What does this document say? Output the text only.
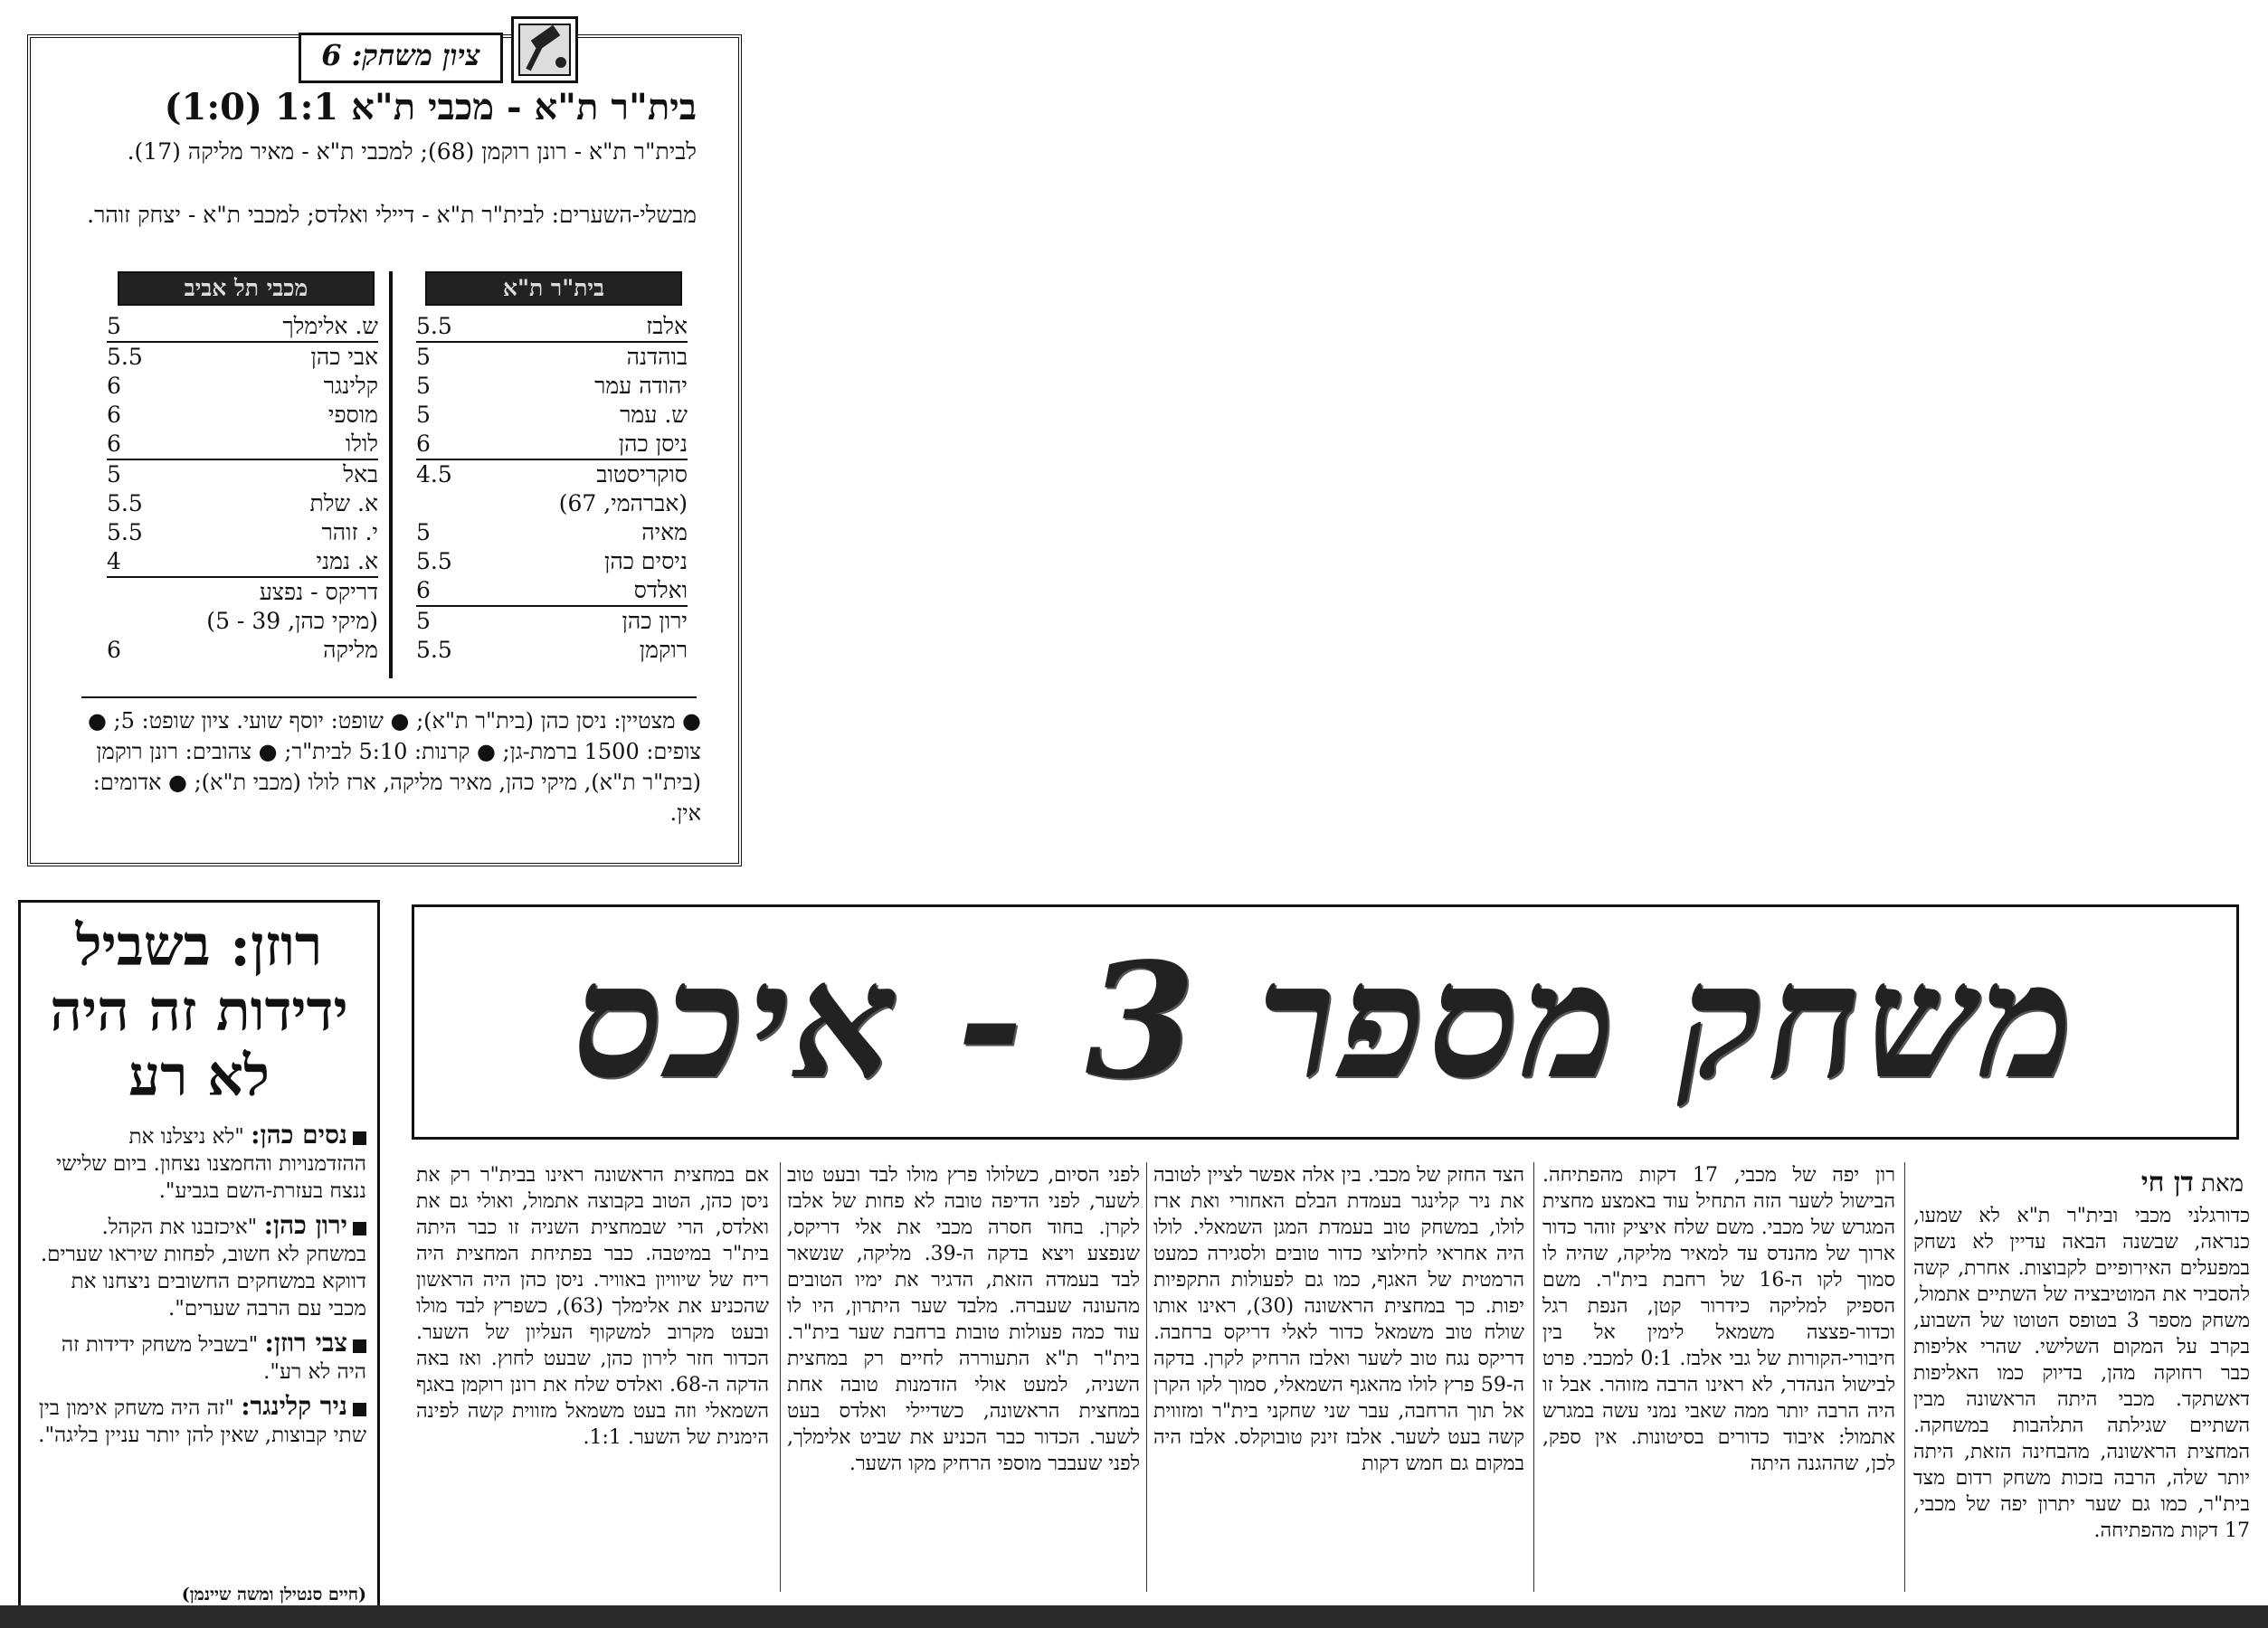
ציון משחק: 6
בית"ר ת"א - מכבי ת"א 1:1 (1:0)
לבית"ר ת"א - רונן רוקמן (68); למכבי ת"א - מאיר מליקה (17).
מבשלי-השערים: לבית"ר ת"א - דיילי ואלדס; למכבי ת"א - יצחק זוהר.
בית"ר ת"א
מכבי תל אביב
אלבז
5.5
בוהדנה
5
יהודה עמר
5
ש. עמר
5
ניסן כהן
6
סוקריסטוב
4.5
(אברהמי, 67)
מאיה
5
ניסים כהן
5.5
ואלדס
6
ירון כהן
5
רוקמן
5.5
ש. אלימלך
5
אבי כהן
5.5
קלינגר
6
מוספי
6
לולו
6
באל
5
א. שלת
5.5
י. זוהר
5.5
א. נמני
4
דריקס - נפצע
(מיקי כהן, 39 - 5)
מליקה
6
● מצטיין: ניסן כהן (בית"ר ת"א); ● שופט: יוסף שועי. ציון שופט: 5; ● צופים: 1500 ברמת-גן; ● קרנות: 5:10 לבית"ר; ● צהובים: רונן רוקמן (בית"ר ת"א), מיקי כהן, מאיר מליקה, ארז לולו (מכבי ת"א); ● אדומים: אין.
רוזן: בשביל ידידות זה היה לא רע

נסים כהן: "לא ניצלנו את ההזדמנויות והחמצנו נצחון. ביום שלישי ננצח בעזרת-השם בגביע".

ירון כהן: "איכזבנו את הקהל. במשחק לא חשוב, לפחות שיראו שערים. דווקא במשחקים החשובים ניצחנו את מכבי עם הרבה שערים".

צבי רוזן: "בשביל משחק ידידות זה היה לא רע".

ניר קלינגר: "זה היה משחק אימון בין שתי קבוצות, שאין להן יותר עניין בליגה".

(חיים סנטילן ומשה שיינמן)
משחק מספר 3 - איכס
מאת דן חי
כדורגלני מכבי ובית"ר ת"א לא שמעו, כנראה, שבשנה הבאה עדיין לא נשחק במפעלים האירופיים לקבוצות. אחרת, קשה להסביר את המוטיבציה של השתיים אתמול, משחק מספר 3 בטופס הטוטו של השבוע, בקרב על המקום השלישי. שהרי אליפות כבר רחוקה מהן, בדיוק כמו האליפות דאשתקד. מכבי היתה הראשונה מבין השתיים שגילתה התלהבות במשחקה. המחצית הראשונה, מהבחינה הזאת, היתה יותר שלה, הרבה בזכות משחק רדום מצד בית"ר, כמו גם שער יתרון יפה של מכבי, 17 דקות מהפתיחה.
רון יפה של מכבי, 17 דקות מהפתיחה. הבישול לשער הזה התחיל עוד באמצע מחצית המגרש של מכבי. משם שלח איציק זוהר כדור ארוך של מהנדס עד למאיר מליקה, שהיה לו סמוך לקו ה-16 של רחבת בית"ר. משם הספיק למליקה כידרור קטן, הנפת רגל וכדור-פצצה משמאל לימין אל בין חיבורי-הקורות של גבי אלבז. 0:1 למכבי. פרט לבישול הנהדר, לא ראינו הרבה מזוהר. אבל זו היה הרבה יותר ממה שאבי נמני עשה במגרש אתמול: איבוד כדורים בסיטונות. אין ספק, לכן, שההגנה היתה
הצד החזק של מכבי. בין אלה אפשר לציין לטובה את ניר קלינגר בעמדת הבלם האחורי ואת ארז לולו, במשחק טוב בעמדת המגן השמאלי. לולו היה אחראי לחילוצי כדור טובים ולסגירה כמעט הרמטית של האגף, כמו גם לפעולות התקפיות יפות. כך במחצית הראשונה (30), ראינו אותו שולח טוב משמאל כדור לאלי דריקס ברחבה. דריקס נגח טוב לשער ואלבז הרחיק לקרן. בדקה ה-59 פרץ לולו מהאגף השמאלי, סמוך לקו הקרן אל תוך הרחבה, עבר שני שחקני בית"ר ומזווית קשה בעט לשער. אלבז זינק טובוקלס. אלבז היה במקום גם חמש דקות
לפני הסיום, כשלולו פרץ מולו לבד ובעט טוב לשער, לפני הדיפה טובה לא פחות של אלבז לקרן. בחוד חסרה מכבי את אלי דריקס, שנפצע ויצא בדקה ה-39. מליקה, שנשאר לבד בעמדה הזאת, הדגיר את ימיו הטובים מהעונה שעברה. מלבד שער היתרון, היו לו עוד כמה פעולות טובות ברחבת שער בית"ר. בית"ר ת"א התעוררה לחיים רק במחצית השניה, למעט אולי הזדמנות טובה אחת במחצית הראשונה, כשדיילי ואלדס בעט לשער. הכדור כבר הכניע את שביט אלימלך, לפני שעבבר מוספי הרחיק מקו השער.
אם במחצית הראשונה ראינו בבית"ר רק את ניסן כהן, הטוב בקבוצה אתמול, ואולי גם את ואלדס, הרי שבמחצית השניה זו כבר היתה בית"ר במיטבה. כבר בפתיחת המחצית היה ריח של שיוויון באוויר. ניסן כהן היה הראשון שהכניע את אלימלך (63), כשפרץ לבד מולו ובעט מקרוב למשקוף העליון של השער. הכדור חזר לירון כהן, שבעט לחוץ. ואז באה הדקה ה-68. ואלדס שלח את רונן רוקמן באגף השמאלי וזה בעט משמאל מזווית קשה לפינה הימנית של השער. 1:1.
